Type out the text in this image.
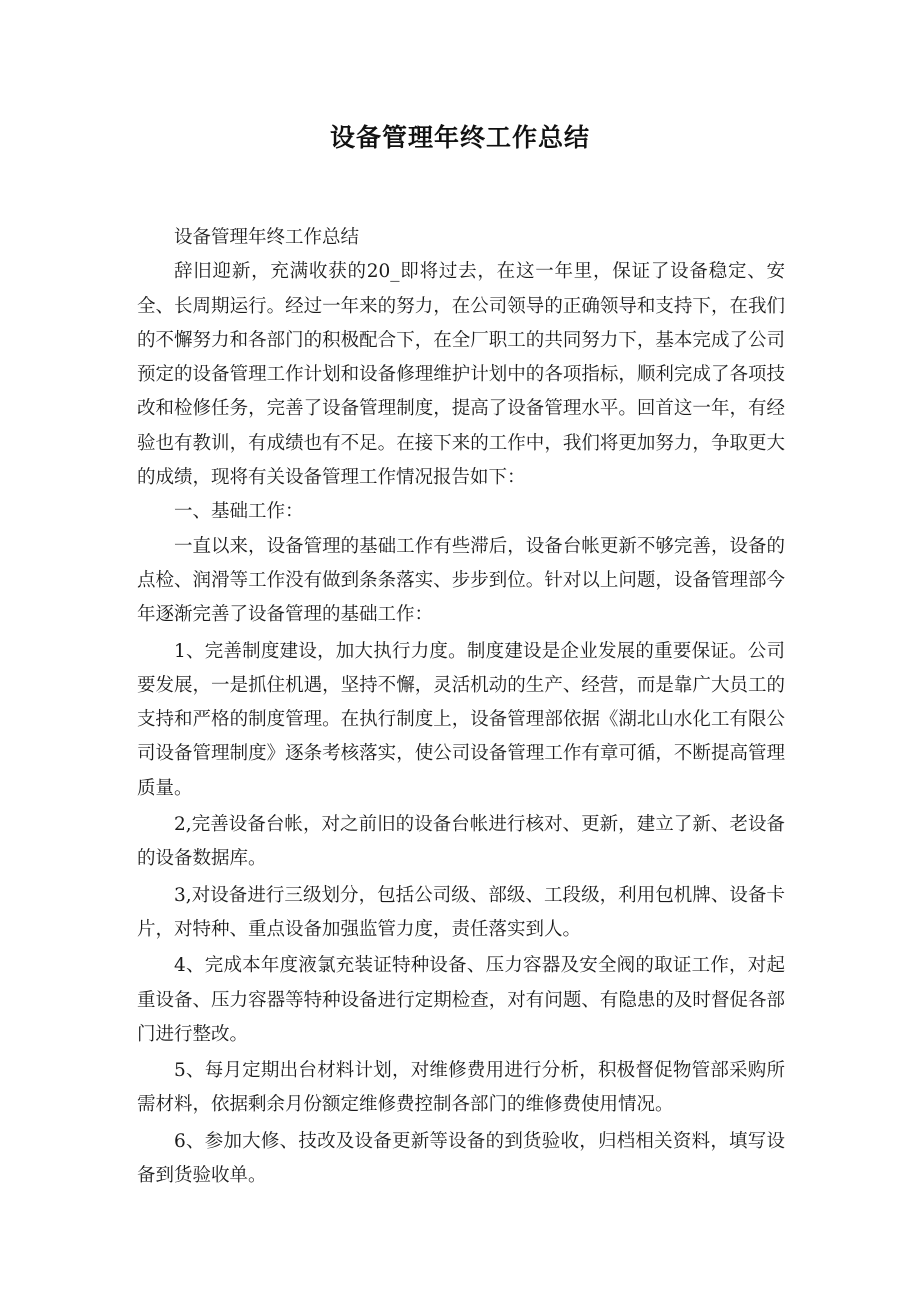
设备管理年终工作总结

设备管理年终工作总结

辞旧迎新，充满收获的20_即将过去，在这一年里，保证了设备稳定、安全、长周期运行。经过一年来的努力，在公司领导的正确领导和支持下，在我们的不懈努力和各部门的积极配合下，在全厂职工的共同努力下，基本完成了公司预定的设备管理工作计划和设备修理维护计划中的各项指标，顺利完成了各项技改和检修任务，完善了设备管理制度，提高了设备管理水平。回首这一年，有经验也有教训，有成绩也有不足。在接下来的工作中，我们将更加努力，争取更大的成绩，现将有关设备管理工作情况报告如下：

一、基础工作：

一直以来，设备管理的基础工作有些滞后，设备台帐更新不够完善，设备的点检、润滑等工作没有做到条条落实、步步到位。针对以上问题，设备管理部今年逐渐完善了设备管理的基础工作：

1、完善制度建设，加大执行力度。制度建设是企业发展的重要保证。公司要发展，一是抓住机遇，坚持不懈，灵活机动的生产、经营，而是靠广大员工的支持和严格的制度管理。在执行制度上，设备管理部依据《湖北山水化工有限公司设备管理制度》逐条考核落实，使公司设备管理工作有章可循，不断提高管理质量。

2,完善设备台帐，对之前旧的设备台帐进行核对、更新，建立了新、老设备的设备数据库。

3,对设备进行三级划分，包括公司级、部级、工段级，利用包机牌、设备卡片，对特种、重点设备加强监管力度，责任落实到人。

4、完成本年度液氯充装证特种设备、压力容器及安全阀的取证工作，对起重设备、压力容器等特种设备进行定期检查，对有问题、有隐患的及时督促各部门进行整改。

5、每月定期出台材料计划，对维修费用进行分析，积极督促物管部采购所需材料，依据剩余月份额定维修费控制各部门的维修费使用情况。

6、参加大修、技改及设备更新等设备的到货验收，归档相关资料，填写设备到货验收单。
